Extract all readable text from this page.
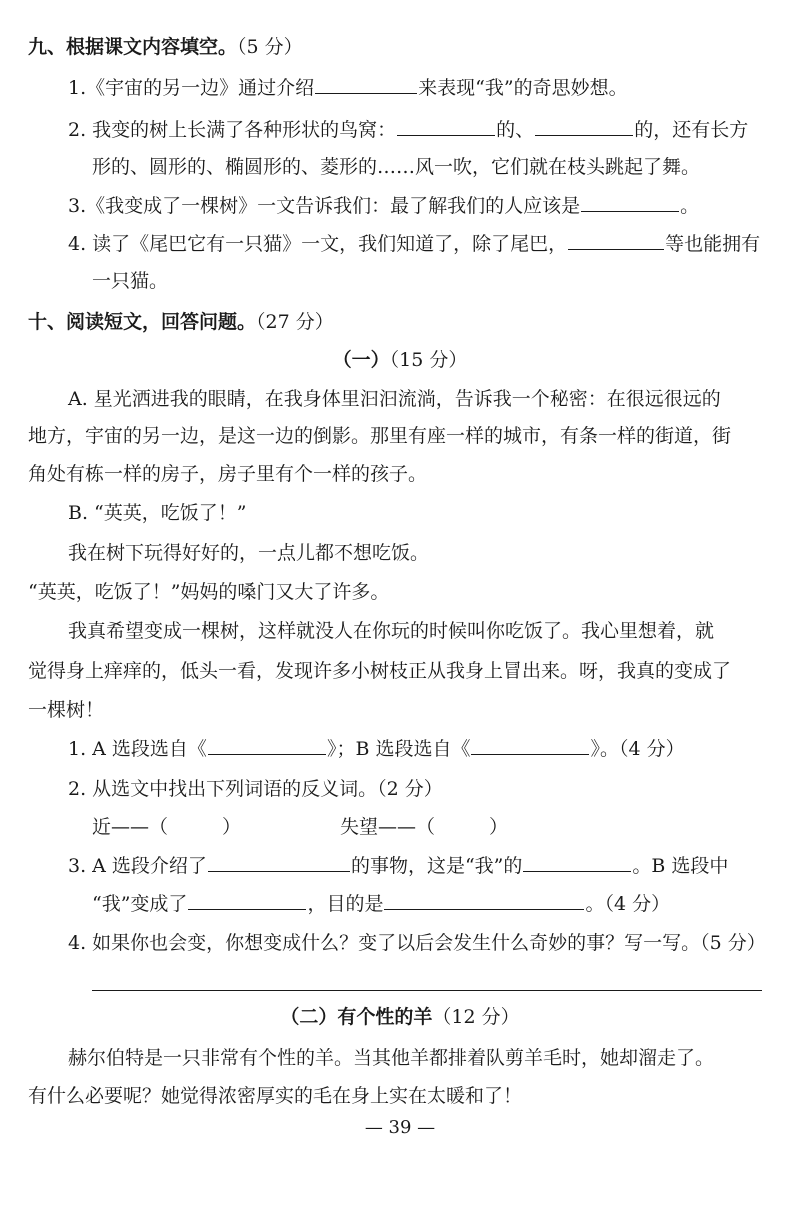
九、根据课文内容填空。（5 分）
1.《宇宙的另一边》通过介绍	来表现“我”的奇思妙想。
2. 我变的树上长满了各种形状的鸟窝：	的、	的，还有长方
形的、圆形的、椭圆形的、菱形的……风一吹，它们就在枝头跳起了舞。
3.《我变成了一棵树》一文告诉我们：最了解我们的人应该是	。
4. 读了《尾巴它有一只猫》一文，我们知道了，除了尾巴，	等也能拥有
一只猫。
十、阅读短文，回答问题。（27 分）
（一）（15 分）
A. 星光洒进我的眼睛，在我身体里汩汩流淌，告诉我一个秘密：在很远很远的
地方，宇宙的另一边，是这一边的倒影。那里有座一样的城市，有条一样的街道，街
角处有栋一样的房子，房子里有个一样的孩子。
B. “英英，吃饭了！”
我在树下玩得好好的，一点儿都不想吃饭。
“英英，吃饭了！”妈妈的嗓门又大了许多。
我真希望变成一棵树，这样就没人在你玩的时候叫你吃饭了。我心里想着，就
觉得身上痒痒的，低头一看，发现许多小树枝正从我身上冒出来。呀，我真的变成了
一棵树！
1. A 选段选自《	》；B 选段选自《	》。（4 分）
2. 从选文中找出下列词语的反义词。（2 分）
近——（	）	失望——（	）
3. A 选段介绍了	的事物，这是“我”的	。B 选段中
“我”变成了	，目的是	。（4 分）
4. 如果你也会变，你想变成什么？变了以后会发生什么奇妙的事？写一写。（5 分）
（二）有个性的羊（12 分）
赫尔伯特是一只非常有个性的羊。当其他羊都排着队剪羊毛时，她却溜走了。
有什么必要呢？她觉得浓密厚实的毛在身上实在太暖和了！
— 39 —
